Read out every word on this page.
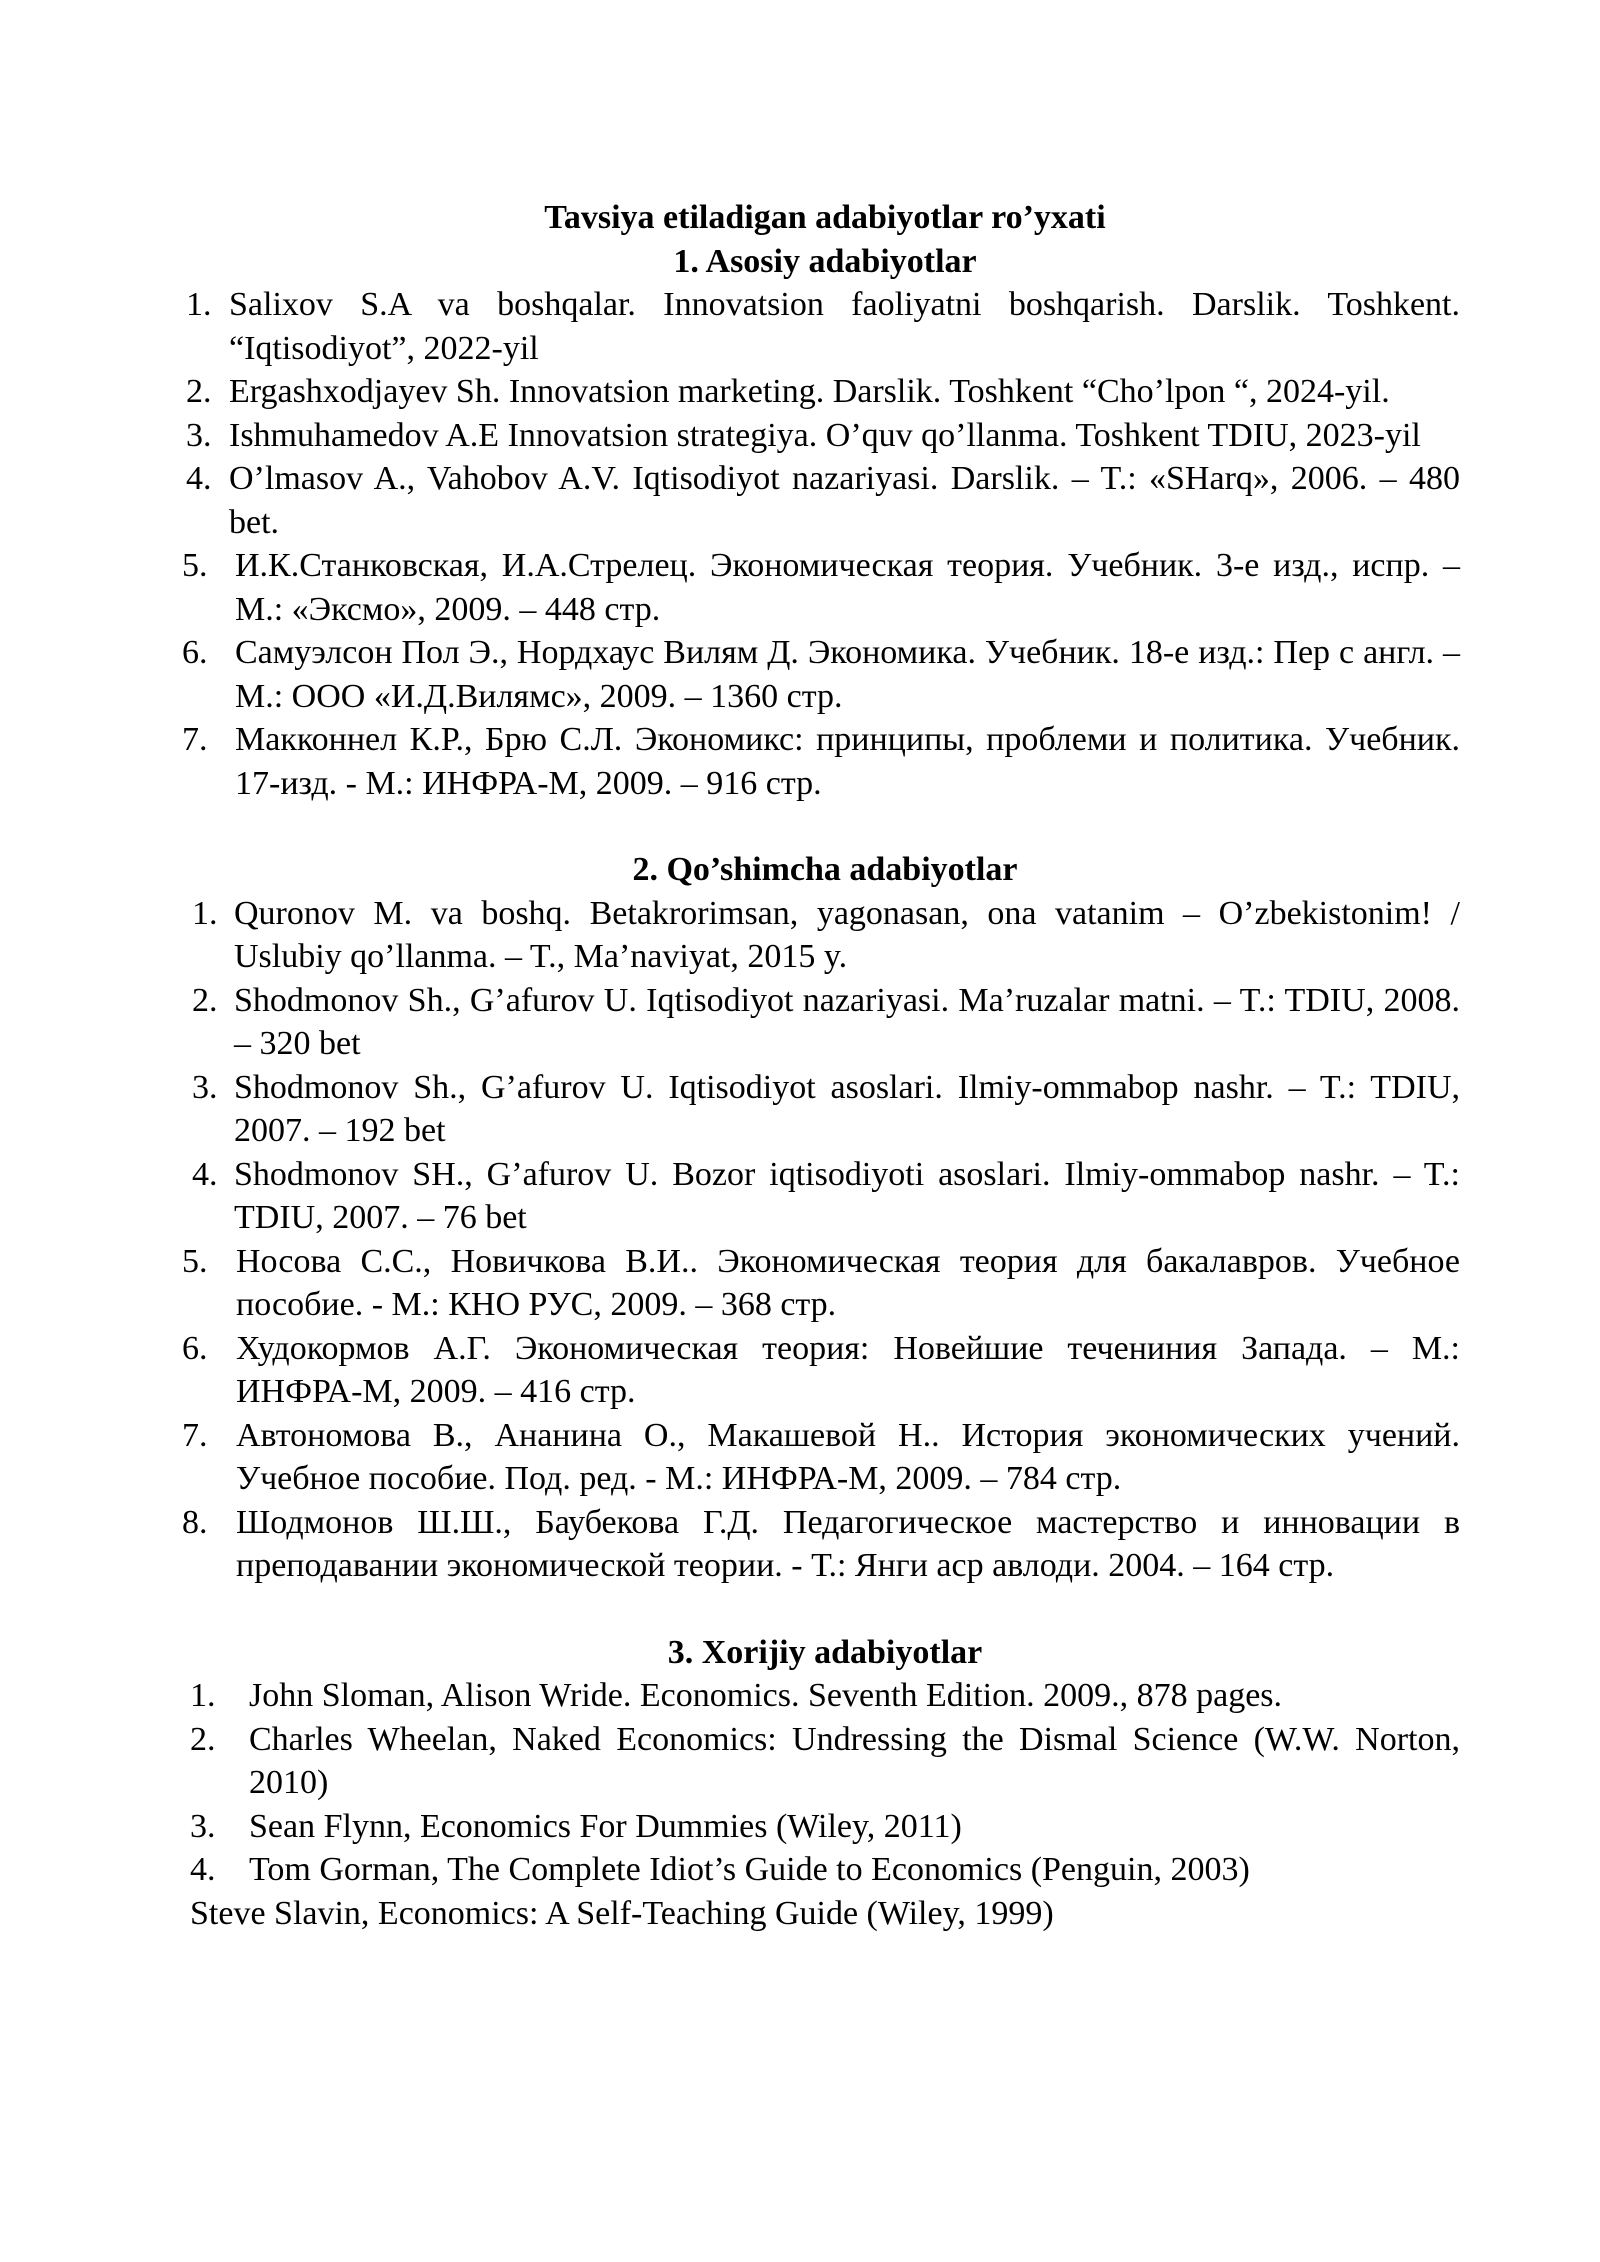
Tavsiya etiladigan adabiyotlar ro’yxati

1. Asosiy adabiyotlar

1. Salixov S.A va boshqalar. Innovatsion faoliyatni boshqarish. Darslik. Toshkent. “Iqtisodiyot”, 2022-yil
2. Ergashxodjayev Sh. Innovatsion marketing. Darslik. Toshkent “Cho’lpon “, 2024-yil.
3. Ishmuhamedov A.E Innovatsion strategiya. O’quv qo’llanma. Toshkent TDIU, 2023-yil
4. O’lmasov A., Vahobov A.V. Iqtisodiyot nazariyasi. Darslik. – T.: «SHarq», 2006. – 480 bet.
5. И.К.Станковская, И.А.Стрелец. Экономическая теория. Учебник. 3-е изд., испр. – М.: «Эксмо», 2009. – 448 стр.
6. Самуэлсон Пол Э., Нордхаус Вилям Д. Экономика. Учебник. 18-е изд.: Пер с англ. – М.: ООО «И.Д.Вилямс», 2009. – 1360 стр.
7. Макконнел К.Р., Брю С.Л. Экономикс: принципы, проблеми и политика. Учебник. 17-изд. - М.: ИНФРА-М, 2009. – 916 стр.

2. Qo’shimcha adabiyotlar

1. Quronov M. va boshq. Betakrorimsan, yagonasan, ona vatanim – O’zbekistonim! / Uslubiy qo’llanma. – T., Ma’naviyat, 2015 y.
2. Shodmonov Sh., G’afurov U. Iqtisodiyot nazariyasi. Ma’ruzalar matni. – T.: TDIU, 2008. – 320 bet
3. Shodmonov Sh., G’afurov U. Iqtisodiyot asoslari. Ilmiy-ommabop nashr. – T.: TDIU, 2007. – 192 bet
4. Shodmonov SH., G’afurov U. Bozor iqtisodiyoti asoslari. Ilmiy-ommabop nashr. – T.: TDIU, 2007. – 76 bet
5. Носова С.С., Новичкова В.И.. Экономическая теория для бакалавров. Учебное пособие. - М.: КНО РУС, 2009. – 368 стр.
6. Худокормов А.Г. Экономическая теория: Новейшие течениния Запада. – М.: ИНФРА-М, 2009. – 416 стр.
7. Автономова В., Ананина О., Макашевой Н.. История экономических учений. Учебное пособие. Под. ред. - М.: ИНФРА-М, 2009. – 784 стр.
8. Шодмонов Ш.Ш., Баубекова Г.Д. Педагогическое мастерство и инновации в преподавании экономической теории. - Т.: Янги аср авлоди. 2004. – 164 стр.

3. Xorijiy adabiyotlar

1. John Sloman, Alison Wride. Economics. Seventh Edition. 2009., 878 pages.
2. Charles Wheelan, Naked Economics: Undressing the Dismal Science (W.W. Norton, 2010)
3. Sean Flynn, Economics For Dummies (Wiley, 2011)
4. Tom Gorman, The Complete Idiot’s Guide to Economics (Penguin, 2003)

Steve Slavin, Economics: A Self-Teaching Guide (Wiley, 1999)
